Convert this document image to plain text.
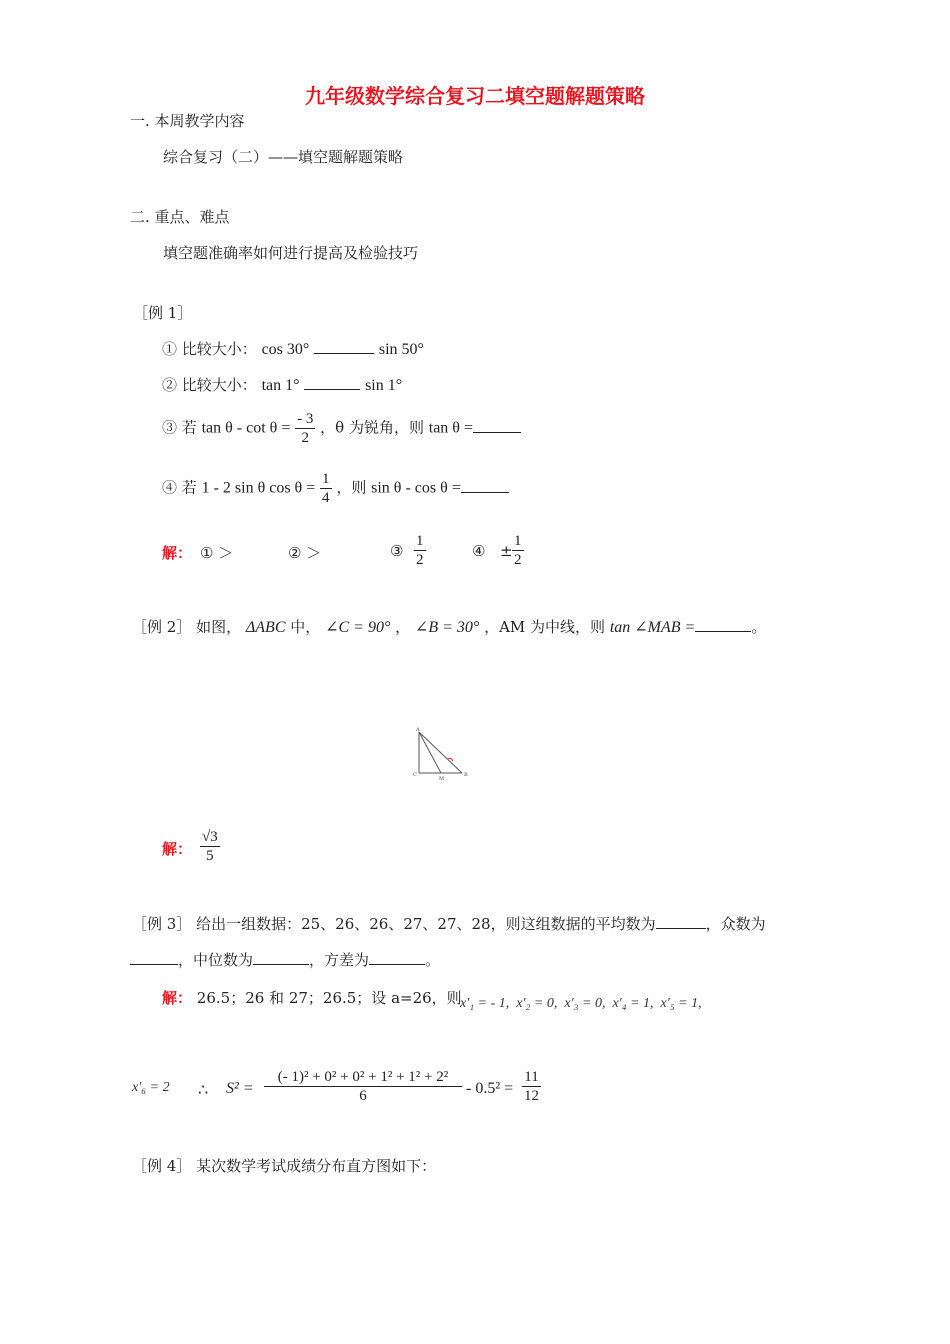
九年级数学综合复习二填空题解题策略
一. 本周教学内容
综合复习（二）——填空题解题策略
二. 重点、难点
填空题准确率如何进行提高及检验技巧
［例 1］
① 比较大小： cos 30°	sin 50°
② 比较大小： tan 1°	sin 1°
③ 若 $\tan \theta - \cot \theta = \frac{- 3}{2}$ ，θ 为锐角，则 tan θ =
④ 若 1 - 2 sin θ $\cos \theta = \frac{1}{4}$ ，则 sin θ - cos θ =
解： ① ＞	② ＞	③ $\frac{1}{2}$	④ ± $\frac{1}{2}$
［例 2］ 如图， ΔABC 中， ∠C = 90° ， ∠B = 30° ，AM 为中线，则 tan ∠MAB =	。
A
B
C
M
解： $\frac{√3}{5}$
［例 3］ 给出一组数据：25、26、26、27、27、28，则这组数据的平均数为	，众数为
，中位数为	，方差为	。
解： 26.5；26 和 27；26.5；设 a=26，则
x′₁ = - 1,  x′₂ = 0,  x′₃ = 0,  x′₄ = 1,  x′₅ = 1,
x′₆ = 2 ∴ $S^2 = \frac{\text{(- 1)² + 0² + 0² + 1² + 1² + 2²}}{6} - 0.5^2 = \frac{11}{12}$
［例 4］ 某次数学考试成绩分布直方图如下：
